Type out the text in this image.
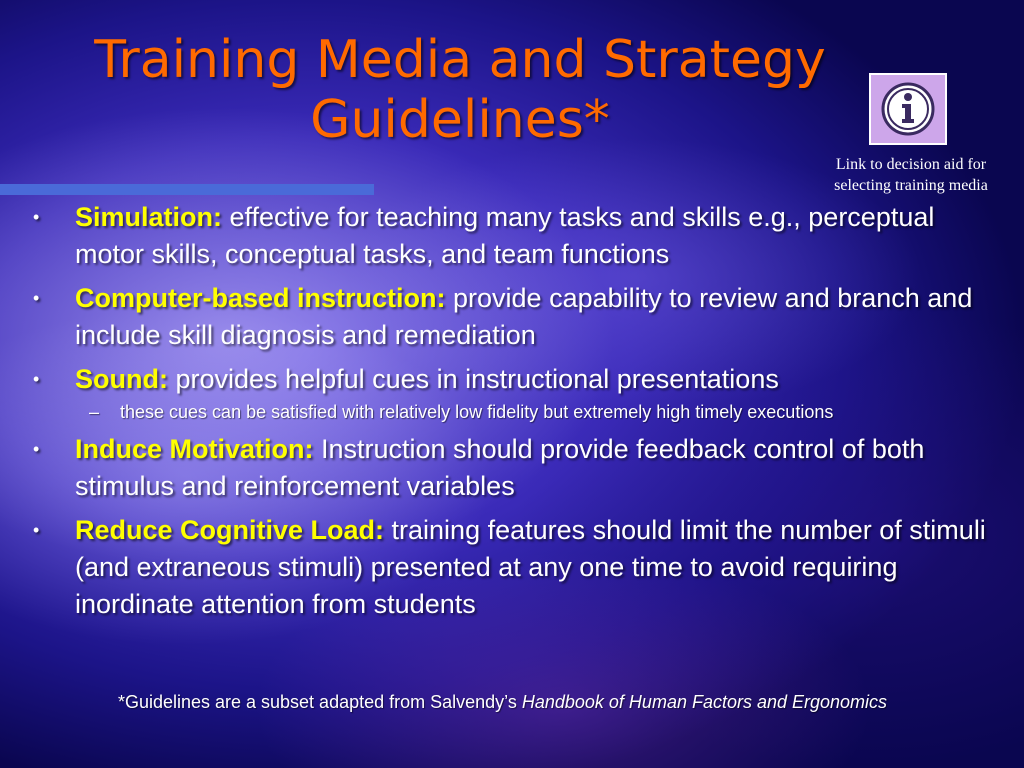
Training Media and Strategy
Guidelines*
Link to decision aid for
selecting training media
• Simulation: effective for teaching many tasks and skills e.g., perceptual motor skills, conceptual tasks, and team functions
• Computer-based instruction: provide capability to review and branch and include skill diagnosis and remediation
• Sound: provides helpful cues in instructional presentations
– these cues can be satisfied with relatively low fidelity but extremely high timely executions
• Induce Motivation: Instruction should provide feedback control of both stimulus and reinforcement variables
• Reduce Cognitive Load: training features should limit the number of stimuli (and extraneous stimuli) presented at any one time to avoid requiring inordinate attention from students
*Guidelines are a subset adapted from Salvendy’s Handbook of Human Factors and Ergonomics
